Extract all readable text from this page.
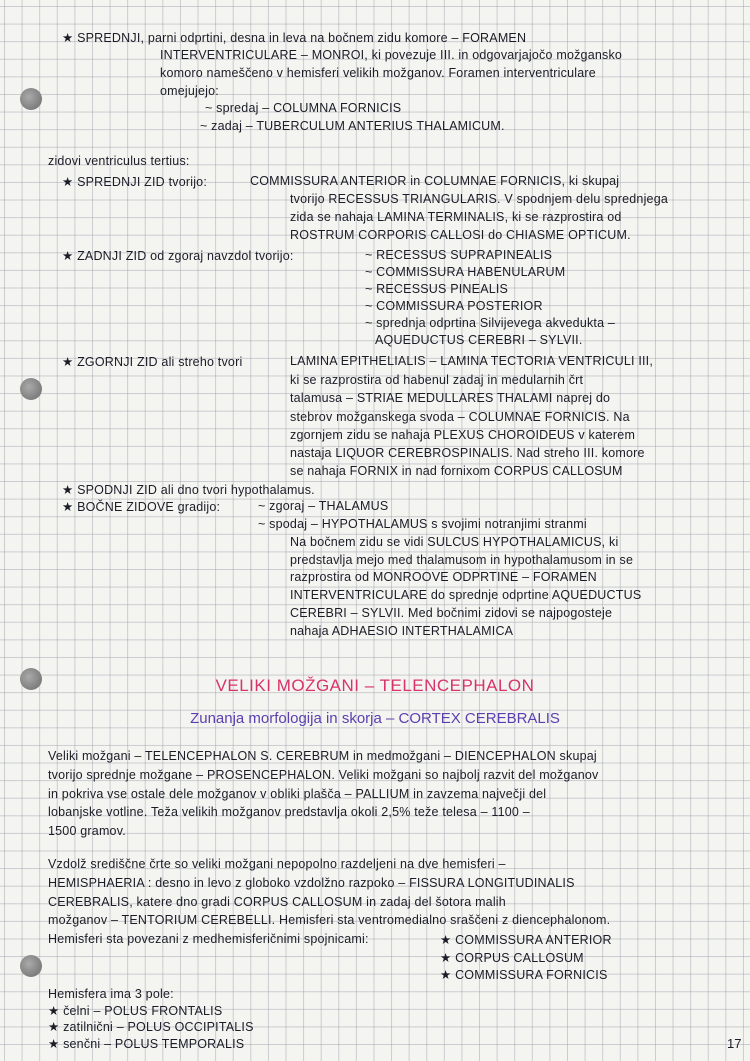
★ SPREDNJI, parni odprtini, desna in leva na bočnem zidu komore – FORAMEN
INTERVENTRICULARE – MONROI, ki povezuje III. in odgovarjajočo možgansko
komoro nameščeno v hemisferi velikih možganov. Foramen interventriculare
omejujejo:
~ spredaj – COLUMNA FORNICIS
~ zadaj – TUBERCULUM ANTERIUS THALAMICUM.
zidovi ventriculus tertius:
★ SPREDNJI ZID tvorijo:	COMMISSURA ANTERIOR in COLUMNAE FORNICIS, ki skupaj
tvorijo RECESSUS TRIANGULARIS. V spodnjem delu sprednjega
zida se nahaja LAMINA TERMINALIS, ki se razprostira od
ROSTRUM CORPORIS CALLOSI do CHIASME OPTICUM.
★ ZADNJI ZID od zgoraj navzdol tvorijo:	~ RECESSUS SUPRAPINEALIS
~ COMMISSURA HABENULARUM
~ RECESSUS PINEALIS
~ COMMISSURA POSTERIOR
~ sprednja odprtina Silvijevega akvedukta –
AQUEDUCTUS CEREBRI – SYLVII.
★ ZGORNJI ZID ali streho tvori	LAMINA EPITHELIALIS – LAMINA TECTORIA VENTRICULI III,
ki se razprostira od habenul zadaj in medularnih črt
talamusa – STRIAE MEDULLARES THALAMI naprej do
stebrov možganskega svoda – COLUMNAE FORNICIS. Na
zgornjem zidu se nahaja PLEXUS CHOROIDEUS v katerem
nastaja LIQUOR CEREBROSPINALIS. Nad streho III. komore
se nahaja FORNIX in nad fornixom CORPUS CALLOSUM
★ SPODNJI ZID ali dno tvori hypothalamus.
★ BOČNE ZIDOVE gradijo:	~ zgoraj – THALAMUS
~ spodaj – HYPOTHALAMUS s svojimi notranjimi stranmi
Na bočnem zidu se vidi SULCUS HYPOTHALAMICUS, ki
predstavlja mejo med thalamusom in hypothalamusom in se
razprostira od MONROOVE ODPRTINE – FORAMEN
INTERVENTRICULARE do sprednje odprtine AQUEDUCTUS
CEREBRI – SYLVII. Med bočnimi zidovi se najpogosteje
nahaja ADHAESIO INTERTHALAMICA
VELIKI MOŽGANI – TELENCEPHALON
Zunanja morfologija in skorja – CORTEX CEREBRALIS
Veliki možgani – TELENCEPHALON S. CEREBRUM in medmožgani – DIENCEPHALON skupaj
tvorijo sprednje možgane – PROSENCEPHALON. Veliki možgani so najbolj razvit del možganov
in pokriva vse ostale dele možganov v obliki plašča – PALLIUM in zavzema največji del
lobanjske votline. Teža velikih možganov predstavlja okoli 2,5% teže telesa – 1100 –
1500 gramov.
Vzdolž središčne črte so veliki možgani nepopolno razdeljeni na dve hemisferi –
HEMISPHAERIA : desno in levo z globoko vzdolžno razpoko – FISSURA LONGITUDINALIS
CEREBRALIS, katere dno gradi CORPUS CALLOSUM in zadaj del šotora malih
možganov – TENTORIUM CEREBELLI. Hemisferi sta ventromedialno sraščeni z diencephalonom.
Hemisferi sta povezani z medhemisferičnimi spojnicami:	★ COMMISSURA ANTERIOR
★ CORPUS CALLOSUM
★ COMMISSURA FORNICIS
Hemisfera ima 3 pole:
★ čelni – POLUS FRONTALIS
★ zatilnični – POLUS OCCIPITALIS
★ senčni – POLUS TEMPORALIS	17
